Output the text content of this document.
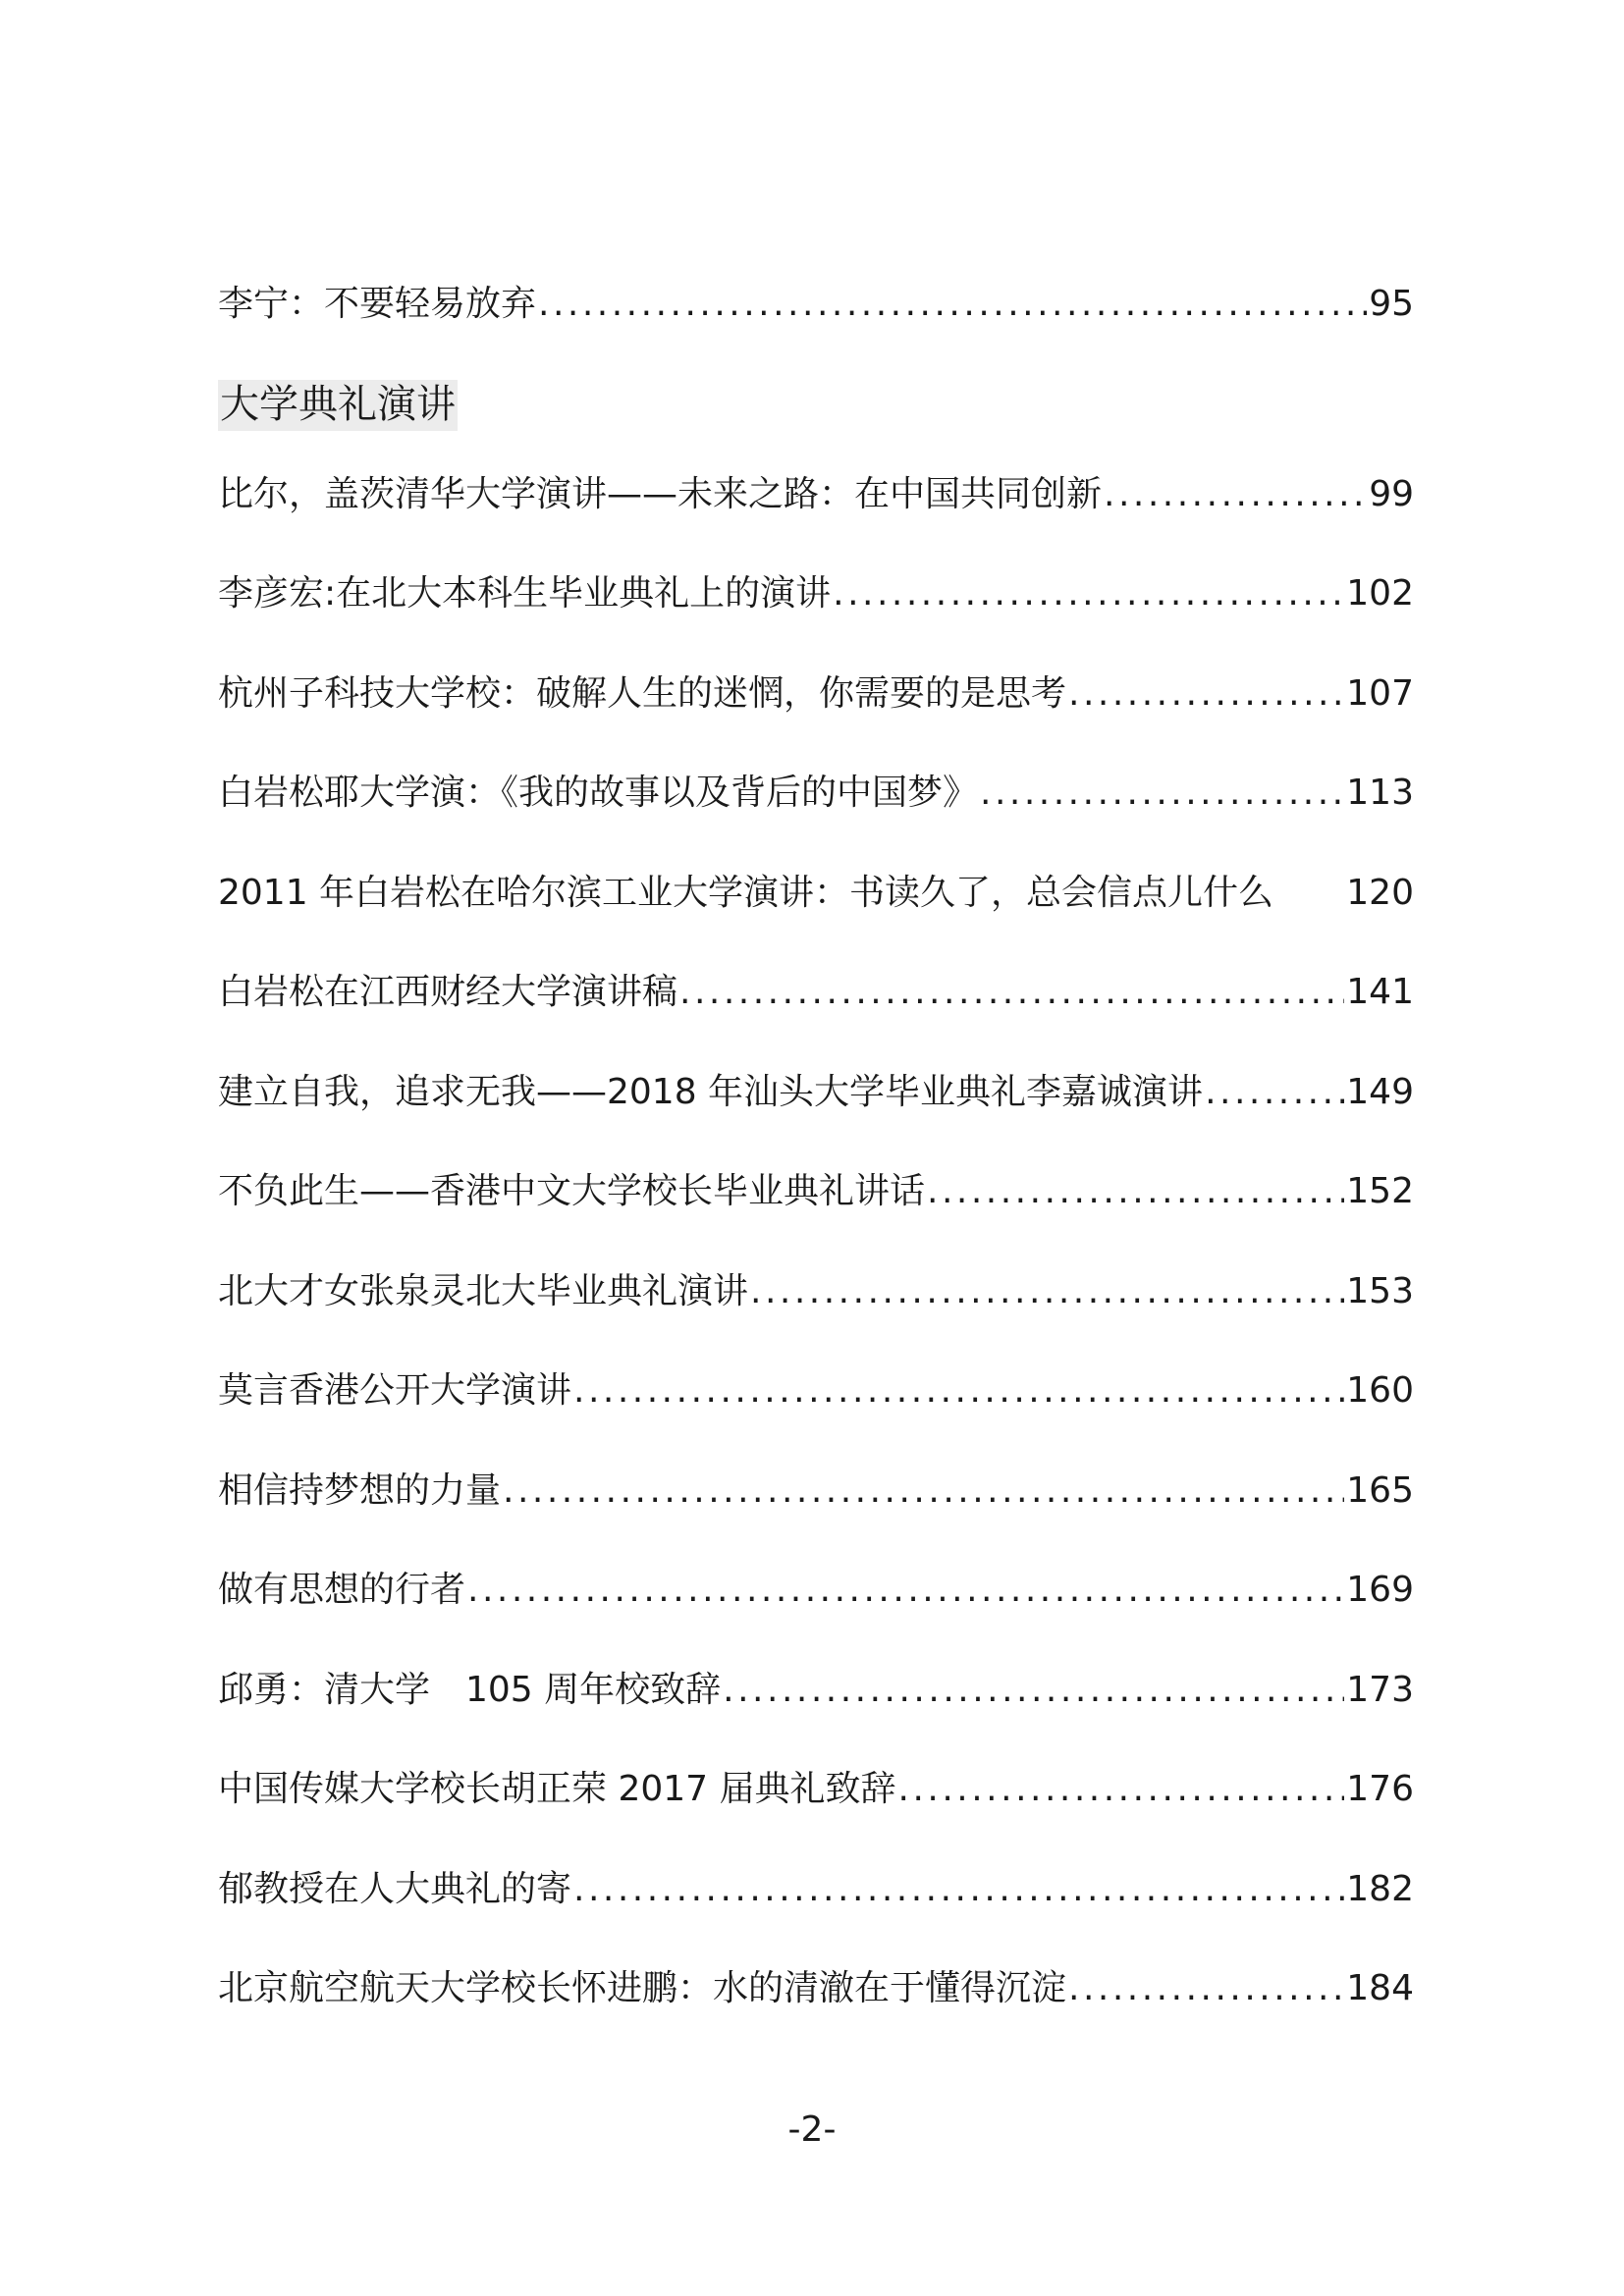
李宁：不要轻易放弃 .....	95
大学典礼演讲
比尔，盖茨清华大学演讲——未来之路：在中国共同创新 .....	99
李彦宏:在北大本科生毕业典礼上的演讲 .....	102
杭州子科技大学校：破解人生的迷惘，你需要的是思考 .....	107
白岩松耶大学演：《我的故事以及背后的中国梦》 .....	113
2011 年白岩松在哈尔滨工业大学演讲：书读久了，总会信点儿什么 120
白岩松在江西财经大学演讲稿 .....	141
建立自我，追求无我——2018 年汕头大学毕业典礼李嘉诚演讲 .....	149
不负此生——香港中文大学校长毕业典礼讲话 .....	152
北大才女张泉灵北大毕业典礼演讲 .....	153
莫言香港公开大学演讲 .....	160
相信持梦想的力量 .....	165
做有思想的行者 .....	169
邱勇：清大学　105 周年校致辞 .....	173
中国传媒大学校长胡正荣 2017 届典礼致辞 .....	176
郁教授在人大典礼的寄 .....	182
北京航空航天大学校长怀进鹏：水的清澈在于懂得沉淀 .....	184
-2-
